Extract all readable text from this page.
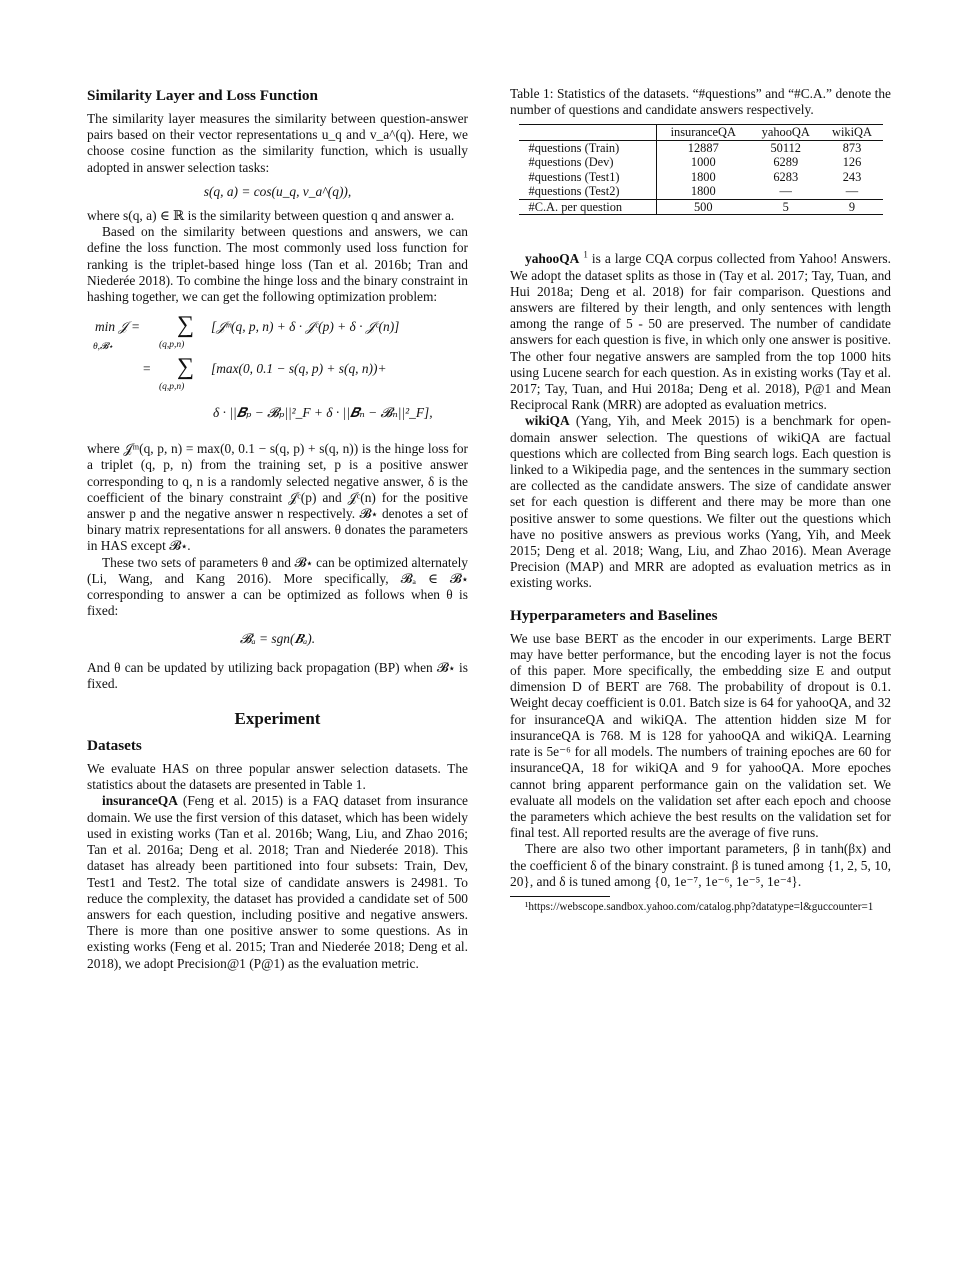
Similarity Layer and Loss Function

The similarity layer measures the similarity between question-answer pairs based on their vector representations u_q and v_a^(q). Here, we choose cosine function as the similarity function, which is usually adopted in answer selection tasks:

s(q, a) = cos(u_q, v_a^(q)),

where s(q, a) ∈ ℝ is the similarity between question q and answer a.

Based on the similarity between questions and answers, we can define the loss function. The most commonly used loss function for ranking is the triplet-based hinge loss (Tan et al. 2016b; Tran and Niederée 2018). To combine the hinge loss and the binary constraint in hashing together, we can get the following optimization problem:

min 𝒥 =
θ,𝓑⋆
∑
(q,p,n)
[𝒥ᵐ(q, p, n) + δ · 𝒥ᶜ(p) + δ · 𝒥ᶜ(n)]
=	∑
(q,p,n)
[max(0, 0.1 − s(q, p) + s(q, n))+
δ · ||𝑩ₚ − 𝓑ₚ||²_F + δ · ||𝑩ₙ − 𝓑ₙ||²_F],

where 𝒥ᵐ(q, p, n) = max(0, 0.1 − s(q, p) + s(q, n)) is the hinge loss for a triplet (q, p, n) from the training set, p is a positive answer corresponding to q, n is a randomly selected negative answer, δ is the coefficient of the binary constraint 𝒥ᶜ(p) and 𝒥ᶜ(n) for the positive answer p and the negative answer n respectively. 𝓑⋆ denotes a set of binary matrix representations for all answers. θ donates the parameters in HAS except 𝓑⋆.

These two sets of parameters θ and 𝓑⋆ can be optimized alternately (Li, Wang, and Kang 2016). More specifically, 𝓑ₐ ∈ 𝓑⋆ corresponding to answer a can be optimized as follows when θ is fixed:

𝓑ₐ = sgn(𝑩ₐ).

And θ can be updated by utilizing back propagation (BP) when 𝓑⋆ is fixed.

Experiment
Datasets

We evaluate HAS on three popular answer selection datasets. The statistics about the datasets are presented in Table 1.

insuranceQA (Feng et al. 2015) is a FAQ dataset from insurance domain. We use the first version of this dataset, which has been widely used in existing works (Tan et al. 2016b; Wang, Liu, and Zhao 2016; Tan et al. 2016a; Deng et al. 2018; Tran and Niederée 2018). This dataset has already been partitioned into four subsets: Train, Dev, Test1 and Test2. The total size of candidate answers is 24981. To reduce the complexity, the dataset has provided a candidate set of 500 answers for each question, including positive and negative answers. There is more than one positive answer to some questions. As in existing works (Feng et al. 2015; Tran and Niederée 2018; Deng et al. 2018), we adopt Precision@1 (P@1) as the evaluation metric.

Table 1: Statistics of the datasets. “#questions” and “#C.A.” denote the number of questions and candidate answers respectively.

	insuranceQA	yahooQA	wikiQA
#questions (Train)	12887	50112	873
#questions (Dev)	1000	6289	126
#questions (Test1)	1800	6283	243
#questions (Test2)	1800	—	—
#C.A. per question	500	5	9

yahooQA $^1$ is a large CQA corpus collected from Yahoo! Answers. We adopt the dataset splits as those in (Tay et al. 2017; Tay, Tuan, and Hui 2018a; Deng et al. 2018) for fair comparison. Questions and answers are filtered by their length, and only sentences with length among the range of 5 - 50 are preserved. The number of candidate answers for each question is five, in which only one answer is positive. The other four negative answers are sampled from the top 1000 hits using Lucene search for each question. As in existing works (Tay et al. 2017; Tay, Tuan, and Hui 2018a; Deng et al. 2018), P@1 and Mean Reciprocal Rank (MRR) are adopted as evaluation metrics.

wikiQA (Yang, Yih, and Meek 2015) is a benchmark for open-domain answer selection. The questions of wikiQA are factual questions which are collected from Bing search logs. Each question is linked to a Wikipedia page, and the sentences in the summary section are collected as the candidate answers. The size of candidate answer set for each question is different and there may be more than one positive answer to some questions. We filter out the questions which have no positive answers as previous works (Yang, Yih, and Meek 2015; Deng et al. 2018; Wang, Liu, and Zhao 2016). Mean Average Precision (MAP) and MRR are adopted as evaluation metrics as in existing works.

Hyperparameters and Baselines

We use base BERT as the encoder in our experiments. Large BERT may have better performance, but the encoding layer is not the focus of this paper. More specifically, the embedding size E and output dimension D of BERT are 768. The probability of dropout is 0.1. Weight decay coefficient is 0.01. Batch size is 64 for yahooQA, and 32 for insuranceQA and wikiQA. The attention hidden size M for insuranceQA is 768. M is 128 for yahooQA and wikiQA. Learning rate is 5e⁻⁶ for all models. The numbers of training epoches are 60 for insuranceQA, 18 for wikiQA and 9 for yahooQA. More epoches cannot bring apparent performance gain on the validation set. We evaluate all models on the validation set after each epoch and choose the parameters which achieve the best results on the validation set for final test. All reported results are the average of five runs.

There are also two other important parameters, β in tanh(βx) and the coefficient δ of the binary constraint. β is tuned among {1, 2, 5, 10, 20}, and δ is tuned among {0, 1e⁻⁷, 1e⁻⁶, 1e⁻⁵, 1e⁻⁴}.

¹https://webscope.sandbox.yahoo.com/catalog.php?datatype=l&guccounter=1
